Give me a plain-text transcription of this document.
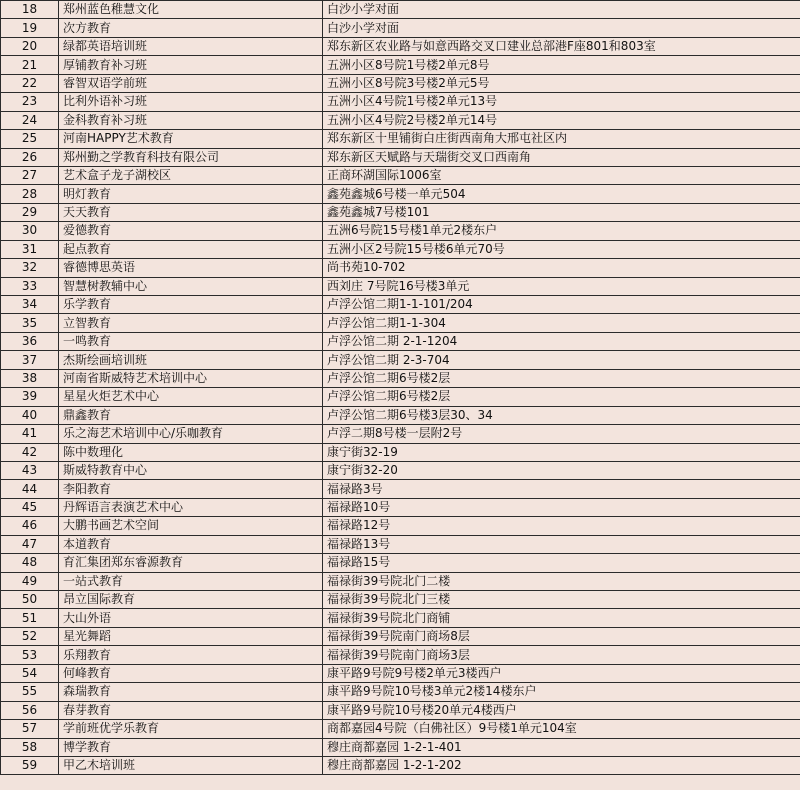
18	郑州蓝色稚慧文化	白沙小学对面
19	次方教育	白沙小学对面
20	绿都英语培训班	郑东新区农业路与如意西路交叉口建业总部港F座801和803室
21	厚铺教育补习班	五洲小区8号院1号楼2单元8号
22	睿智双语学前班	五洲小区8号院3号楼2单元5号
23	比利外语补习班	五洲小区4号院1号楼2单元13号
24	金科教育补习班	五洲小区4号院2号楼2单元14号
25	河南HAPPY艺术教育	郑东新区十里铺街白庄街西南角大邢屯社区内
26	郑州勤之学教育科技有限公司	郑东新区天赋路与天瑞街交叉口西南角
27	艺术盒子龙子湖校区	正商环湖国际1006室
28	明灯教育	鑫苑鑫城6号楼一单元504
29	天天教育	鑫苑鑫城7号楼101
30	爱德教育	五洲6号院15号楼1单元2楼东户
31	起点教育	五洲小区2号院15号楼6单元70号
32	睿德博思英语	尚书苑10-702
33	智慧树教辅中心	西刘庄 7号院16号楼3单元
34	乐学教育	卢浮公馆二期1-1-101/204
35	立智教育	卢浮公馆二期1-1-304
36	一鸣教育	卢浮公馆二期 2-1-1204
37	杰斯绘画培训班	卢浮公馆二期 2-3-704
38	河南省斯威特艺术培训中心	卢浮公馆二期6号楼2层
39	星星火炬艺术中心	卢浮公馆二期6号楼2层
40	鼎鑫教育	卢浮公馆二期6号楼3层30、34
41	乐之海艺术培训中心/乐咖教育	卢浮二期8号楼一层附2号
42	陈中数理化	康宁街32-19
43	斯威特教育中心	康宁街32-20
44	李阳教育	福禄路3号
45	丹辉语言表演艺术中心	福禄路10号
46	大鹏书画艺术空间	福禄路12号
47	本道教育	福禄路13号
48	育汇集团郑东睿源教育	福禄路15号
49	一站式教育	福禄街39号院北门二楼
50	昂立国际教育	福禄街39号院北门三楼
51	大山外语	福禄街39号院北门商铺
52	星光舞蹈	福禄街39号院南门商场8层
53	乐翔教育	福禄街39号院南门商场3层
54	何峰教育	康平路9号院9号楼2单元3楼西户
55	森瑞教育	康平路9号院10号楼3单元2楼14楼东户
56	春芽教育	康平路9号院10号楼20单元4楼西户
57	学前班优学乐教育	商都嘉园4号院（白佛社区）9号楼1单元104室
58	博学教育	穆庄商都嘉园 1-2-1-401
59	甲乙木培训班	穆庄商都嘉园 1-2-1-202
